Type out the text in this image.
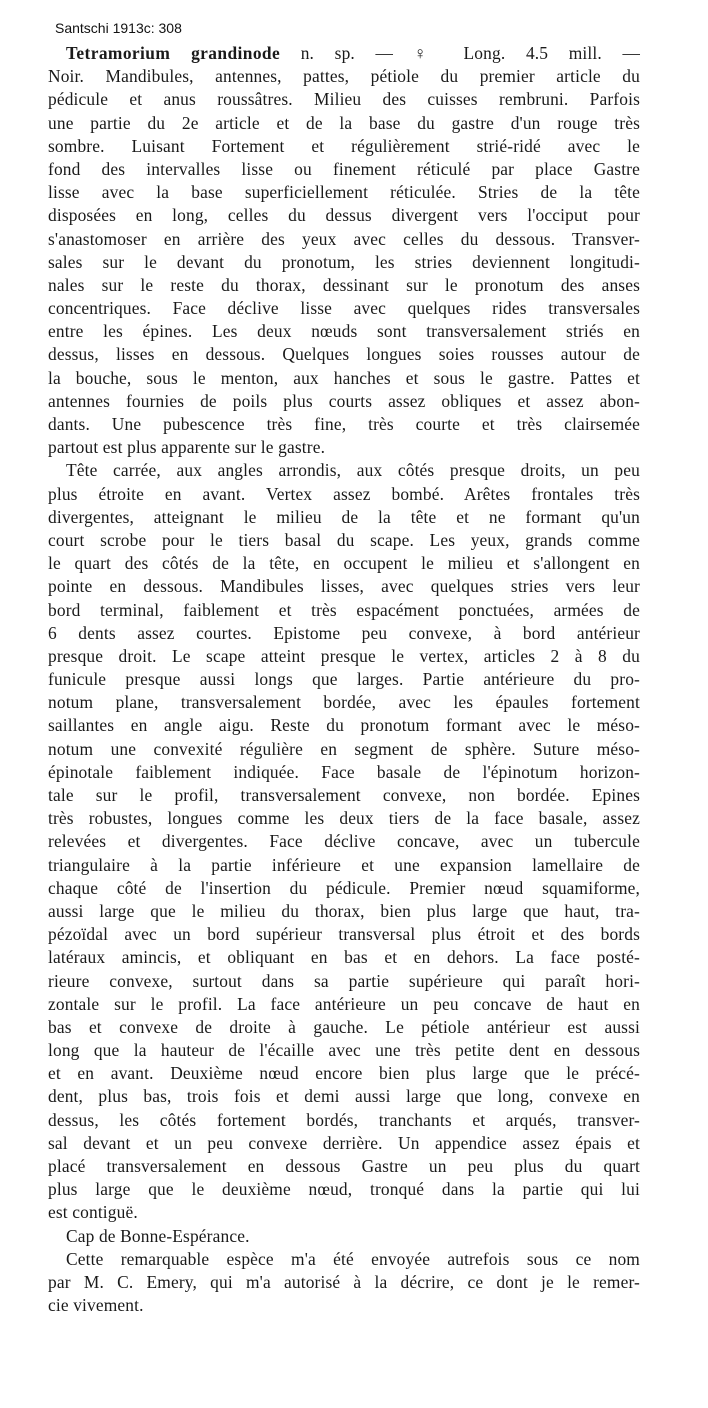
Santschi 1913c: 308
Tetramorium grandinode n. sp. — ♀ Long. 4.5 mill. —
Noir. Mandibules, antennes, pattes, pétiole du premier article du
pédicule et anus roussâtres. Milieu des cuisses rembruni. Parfois
une partie du 2e article et de la base du gastre d'un rouge très
sombre. Luisant Fortement et régulièrement strié-ridé avec le
fond des intervalles lisse ou finement réticulé par place Gastre
lisse avec la base superficiellement réticulée. Stries de la tête
disposées en long, celles du dessus divergent vers l'occiput pour
s'anastomoser en arrière des yeux avec celles du dessous. Transver-
sales sur le devant du pronotum, les stries deviennent longitudi-
nales sur le reste du thorax, dessinant sur le pronotum des anses
concentriques. Face déclive lisse avec quelques rides transversales
entre les épines. Les deux nœuds sont transversalement striés en
dessus, lisses en dessous. Quelques longues soies rousses autour de
la bouche, sous le menton, aux hanches et sous le gastre. Pattes et
antennes fournies de poils plus courts assez obliques et assez abon-
dants. Une pubescence très fine, très courte et très clairsemée
partout est plus apparente sur le gastre.
Tête carrée, aux angles arrondis, aux côtés presque droits, un peu
plus étroite en avant. Vertex assez bombé. Arêtes frontales très
divergentes, atteignant le milieu de la tête et ne formant qu'un
court scrobe pour le tiers basal du scape. Les yeux, grands comme
le quart des côtés de la tête, en occupent le milieu et s'allongent en
pointe en dessous. Mandibules lisses, avec quelques stries vers leur
bord terminal, faiblement et très espacément ponctuées, armées de
6 dents assez courtes. Epistome peu convexe, à bord antérieur
presque droit. Le scape atteint presque le vertex, articles 2 à 8 du
funicule presque aussi longs que larges. Partie antérieure du pro-
notum plane, transversalement bordée, avec les épaules fortement
saillantes en angle aigu. Reste du pronotum formant avec le méso-
notum une convexité régulière en segment de sphère. Suture méso-
épinotale faiblement indiquée. Face basale de l'épinotum horizon-
tale sur le profil, transversalement convexe, non bordée. Epines
très robustes, longues comme les deux tiers de la face basale, assez
relevées et divergentes. Face déclive concave, avec un tubercule
triangulaire à la partie inférieure et une expansion lamellaire de
chaque côté de l'insertion du pédicule. Premier nœud squamiforme,
aussi large que le milieu du thorax, bien plus large que haut, tra-
pézoïdal avec un bord supérieur transversal plus étroit et des bords
latéraux amincis, et obliquant en bas et en dehors. La face posté-
rieure convexe, surtout dans sa partie supérieure qui paraît hori-
zontale sur le profil. La face antérieure un peu concave de haut en
bas et convexe de droite à gauche. Le pétiole antérieur est aussi
long que la hauteur de l'écaille avec une très petite dent en dessous
et en avant. Deuxième nœud encore bien plus large que le précé-
dent, plus bas, trois fois et demi aussi large que long, convexe en
dessus, les côtés fortement bordés, tranchants et arqués, transver-
sal devant et un peu convexe derrière. Un appendice assez épais et
placé transversalement en dessous Gastre un peu plus du quart
plus large que le deuxième nœud, tronqué dans la partie qui lui
est contiguë.
Cap de Bonne-Espérance.
Cette remarquable espèce m'a été envoyée autrefois sous ce nom
par M. C. Emery, qui m'a autorisé à la décrire, ce dont je le remer-
cie vivement.
